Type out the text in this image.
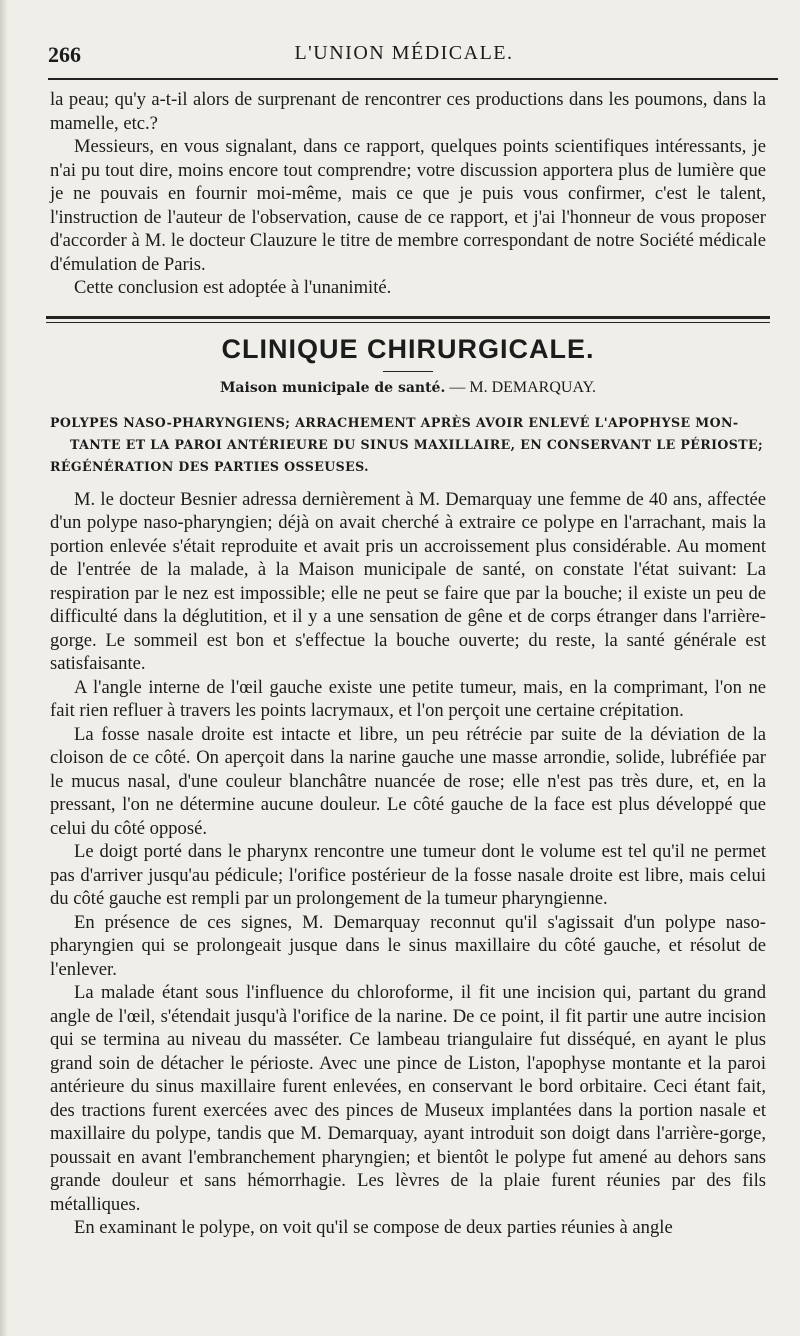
266	L'UNION MÉDICALE.

la peau; qu'y a-t-il alors de surprenant de rencontrer ces productions dans les poumons, dans la mamelle, etc.?

Messieurs, en vous signalant, dans ce rapport, quelques points scientifiques intéressants, je n'ai pu tout dire, moins encore tout comprendre; votre discussion apportera plus de lumière que je ne pouvais en fournir moi-même, mais ce que je puis vous confirmer, c'est le talent, l'instruction de l'auteur de l'observation, cause de ce rapport, et j'ai l'honneur de vous proposer d'accorder à M. le docteur Clauzure le titre de membre correspondant de notre Société médicale d'émulation de Paris.

Cette conclusion est adoptée à l'unanimité.

CLINIQUE CHIRURGICALE.
Maison municipale de santé. — M. DEMARQUAY.
POLYPES NASO-PHARYNGIENS; ARRACHEMENT APRÈS AVOIR ENLEVÉ L'APOPHYSE MON-
TANTE ET LA PAROI ANTÉRIEURE DU SINUS MAXILLAIRE, EN CONSERVANT LE PÉRIOSTE;
RÉGÉNÉRATION DES PARTIES OSSEUSES.

M. le docteur Besnier adressa dernièrement à M. Demarquay une femme de 40 ans, affectée d'un polype naso-pharyngien; déjà on avait cherché à extraire ce polype en l'arrachant, mais la portion enlevée s'était reproduite et avait pris un accroissement plus considérable. Au moment de l'entrée de la malade, à la Maison municipale de santé, on constate l'état suivant: La respiration par le nez est impossible; elle ne peut se faire que par la bouche; il existe un peu de difficulté dans la déglutition, et il y a une sensation de gêne et de corps étranger dans l'arrière-gorge. Le sommeil est bon et s'effectue la bouche ouverte; du reste, la santé générale est satisfaisante.

A l'angle interne de l'œil gauche existe une petite tumeur, mais, en la comprimant, l'on ne fait rien refluer à travers les points lacrymaux, et l'on perçoit une certaine crépitation.

La fosse nasale droite est intacte et libre, un peu rétrécie par suite de la déviation de la cloison de ce côté. On aperçoit dans la narine gauche une masse arrondie, solide, lubréfiée par le mucus nasal, d'une couleur blanchâtre nuancée de rose; elle n'est pas très dure, et, en la pressant, l'on ne détermine aucune douleur. Le côté gauche de la face est plus développé que celui du côté opposé.

Le doigt porté dans le pharynx rencontre une tumeur dont le volume est tel qu'il ne permet pas d'arriver jusqu'au pédicule; l'orifice postérieur de la fosse nasale droite est libre, mais celui du côté gauche est rempli par un prolongement de la tumeur pharyngienne.

En présence de ces signes, M. Demarquay reconnut qu'il s'agissait d'un polype naso-pharyngien qui se prolongeait jusque dans le sinus maxillaire du côté gauche, et résolut de l'enlever.

La malade étant sous l'influence du chloroforme, il fit une incision qui, partant du grand angle de l'œil, s'étendait jusqu'à l'orifice de la narine. De ce point, il fit partir une autre incision qui se termina au niveau du masséter. Ce lambeau triangulaire fut disséqué, en ayant le plus grand soin de détacher le périoste. Avec une pince de Liston, l'apophyse montante et la paroi antérieure du sinus maxillaire furent enlevées, en conservant le bord orbitaire. Ceci étant fait, des tractions furent exercées avec des pinces de Museux implantées dans la portion nasale et maxillaire du polype, tandis que M. Demarquay, ayant introduit son doigt dans l'arrière-gorge, poussait en avant l'embranchement pharyngien; et bientôt le polype fut amené au dehors sans grande douleur et sans hémorrhagie. Les lèvres de la plaie furent réunies par des fils métalliques.

En examinant le polype, on voit qu'il se compose de deux parties réunies à angle
